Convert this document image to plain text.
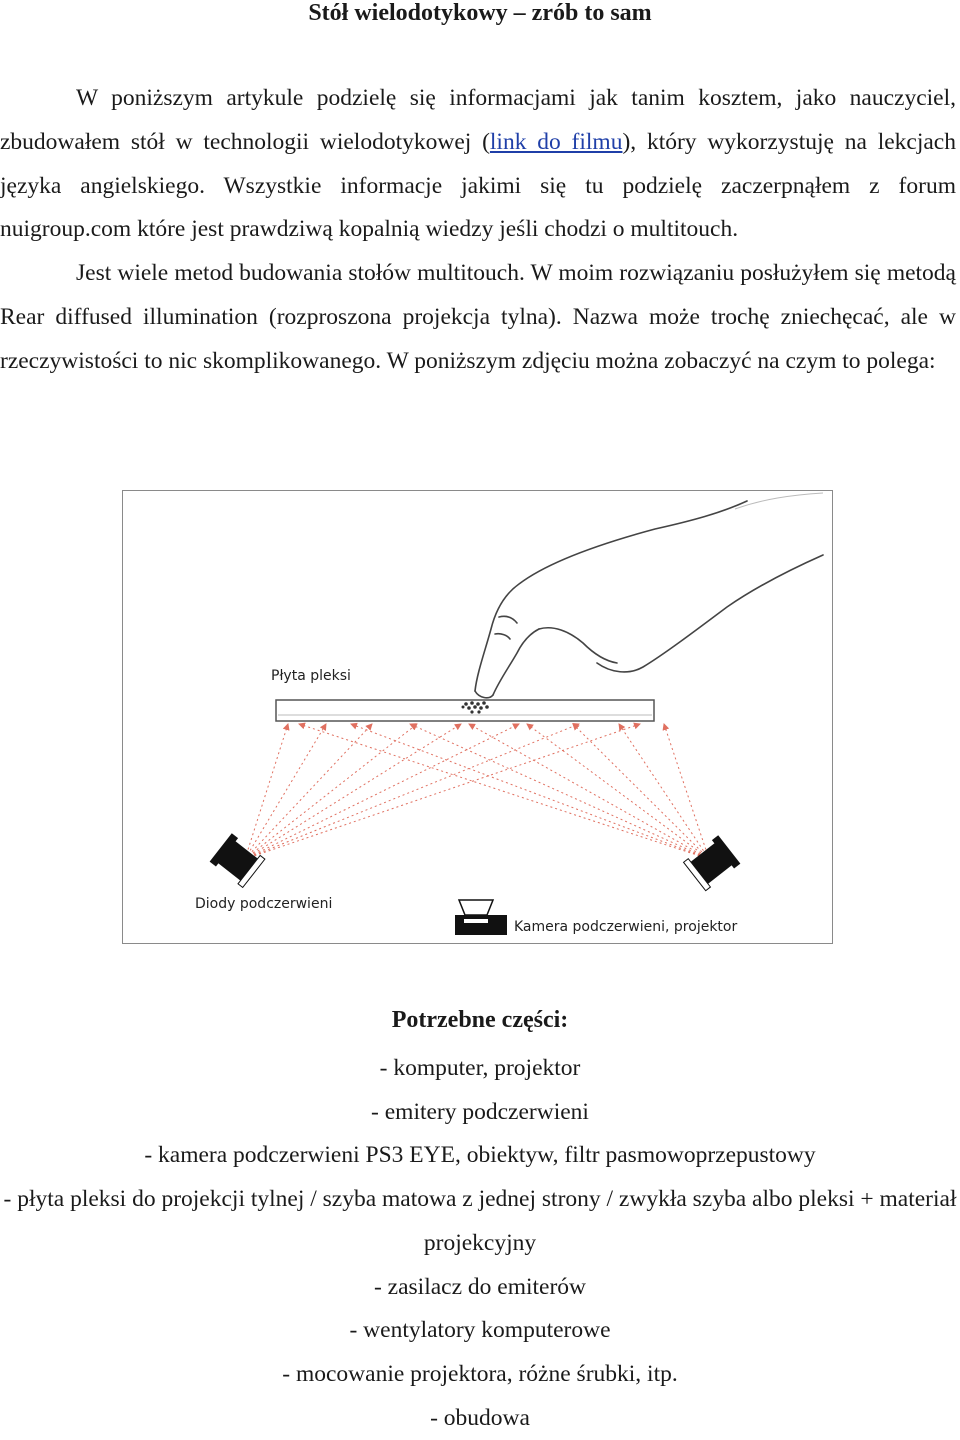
Stół wielodotykowy – zrób to sam

W poniższym artykule podzielę się informacjami jak tanim kosztem, jako nauczyciel, zbudowałem stół w technologii wielodotykowej (link do filmu), który wykorzystuję na lekcjach języka angielskiego. Wszystkie informacje jakimi się tu podzielę zaczerpnąłem z forum nuigroup.com które jest prawdziwą kopalnią wiedzy jeśli chodzi o multitouch.

Jest wiele metod budowania stołów multitouch. W moim rozwiązaniu posłużyłem się metodą Rear diffused illumination (rozproszona projekcja tylna). Nazwa może trochę zniechęcać, ale w rzeczywistości to nic skomplikowanego. W poniższym zdjęciu można zobaczyć na czym to polega:

Płyta pleksi
Diody podczerwieni
Kamera podczerwieni, projektor
Potrzebne części:
- komputer, projektor
- emitery podczerwieni
- kamera podczerwieni PS3 EYE, obiektyw, filtr pasmowoprzepustowy
- płyta pleksi do projekcji tylnej / szyba matowa z jednej strony / zwykła szyba albo pleksi + materiał projekcyjny
- zasilacz do emiterów
- wentylatory komputerowe
- mocowanie projektora, różne śrubki, itp.
- obudowa
